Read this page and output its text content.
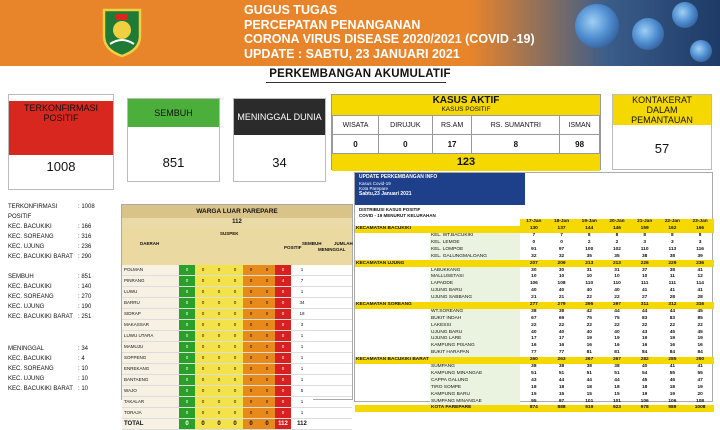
GUGUS TUGAS
PERCEPATAN PENANGANAN
CORONA VIRUS DISEASE 2020/2021 (COVID -19)
UPDATE : SABTU, 23 JANUARI 2021
PERKEMBANGAN AKUMULATIF
TERKONFIRMASI POSITIF
1008
SEMBUH
851
MENINGGAL DUNIA
34
KASUS AKTIF
KASUS POSITIF
WISATA	DIRUJUK	RS.AM	RS. SUMANTRI	ISMAN
0	0	17	8	98
123
KONTAKERAT DALAM PEMANTAUAN
57
TERKONFIRMASI POSITIF
: 1008
KEC. BACUKIKI	: 166
KEC. SOREANG	: 316
KEC. UJUNG	: 236
KEC. BACUKIKI BARAT : 290
SEMBUH	: 851
KEC. BACUKIKI	: 140
KEC. SOREANG	: 270
KEC. UJUNG	: 190
KEC. BACUKIKI BARAT : 251
MENINGGAL	: 34
KEC. BACUKIKI	: 4
KEC. SOREANG	: 10
KEC. UJUNG	: 10
KEC. BACUKIKI BARAT : 10
WARGA LUAR PAREPARE
112
DAERAH
SUSPEK
POSITIF
SEMBUH
MENINGGAL
JUMLAH
POLMAN	0	0	0	0	0	0	0	1
PINRANG	0	0	0	0	0	0	4	7
LUWU	0	0	0	0	0	0	0	1
BARRU	0	0	0	0	0	0	0	34
SIDRAP	0	0	0	0	0	0	0	18
MAKASSAR	0	0	0	0	0	0	0	3
LUWU UTARA	0	0	0	0	0	0	0	1
MAMUJU	0	0	0	0	0	0	0	1
SOPPENG	0	0	0	0	0	0	0	1
ENREKANG	0	0	0	0	0	0	0	1
BANTAENG	0	0	0	0	0	0	0	1
WAJO	0	0	0	0	0	0	0	5
TAKALAR	0	0	0	0	0	0	0	1
TORAJA	0	0	0	0	0	0	0	1
TOTAL	0	0	0	0	0	0	112	112
UPDATE PERKEMBANGAN INFO
Kasus Covid-19
Kota Parepare
Sabtu,23 Januari 2021
DISTRIBUSI KASUS POSITIF
COVID - 19 MENURUT KELURAHAN
		17-Jan	18-Jan	19-Jan	20-Jan	21-Jan	22-Jan	23-Jan
KECAMATAN BACUKIKI		130	137	144	146	159	162	166
	KEL. WT.BACUKIKI	7	7	8	8	8	8	8
	KEL. LEMOE	0	0	2	2	3	3	3
	KEL. LOMPOE	91	97	100	102	110	113	116
	KEL. GALUNGMALOANG	32	32	35	35	38	38	39
KECAMATAN UJUNG		207	209	213	213	226	229	236
	LABUKKANG	30	30	31	31	37	38	41
	MALLUSETASI	10	10	10	10	10	11	12
	LAPADDE	106	108	110	110	111	111	114
	UJUNG BARU	40	40	40	40	41	41	41
	UJUNG SABBANG	21	21	22	22	27	28	28
KECAMATAN SOREANG		277	279	295	297	311	312	316
	WT.SOREANG	38	38	42	44	44	44	45
	BUKIT INDAH	67	69	75	75	83	83	85
	LAKESSI	22	22	22	22	22	22	22
	UJUNG BARU	40	40	40	40	43	45	45
	UJUNG LARE	17	17	19	19	19	19	19
	KAMPUNG PISANG	16	16	16	16	16	16	16
	BUKIT HARAPAN	77	77	81	81	84	84	84
KECAMATAN BACUKIKI BARAT		260	263	267	267	282	285	290
	SUMPANG	38	38	38	38	40	41	41
	KAMPUNG MINANGAE	51	51	51	51	54	55	55
	CAPPA GALUNG	43	44	44	44	45	46	47
	TIRO SOMPE	18	18	18	18	18	18	19
	KAMPUNG BARU	15	15	15	15	19	19	20
	SUMPANG MINANGAE	95	97	101	101	106	106	108
	KOTA PAREPARE	874	888	919	923	978	989	1008
